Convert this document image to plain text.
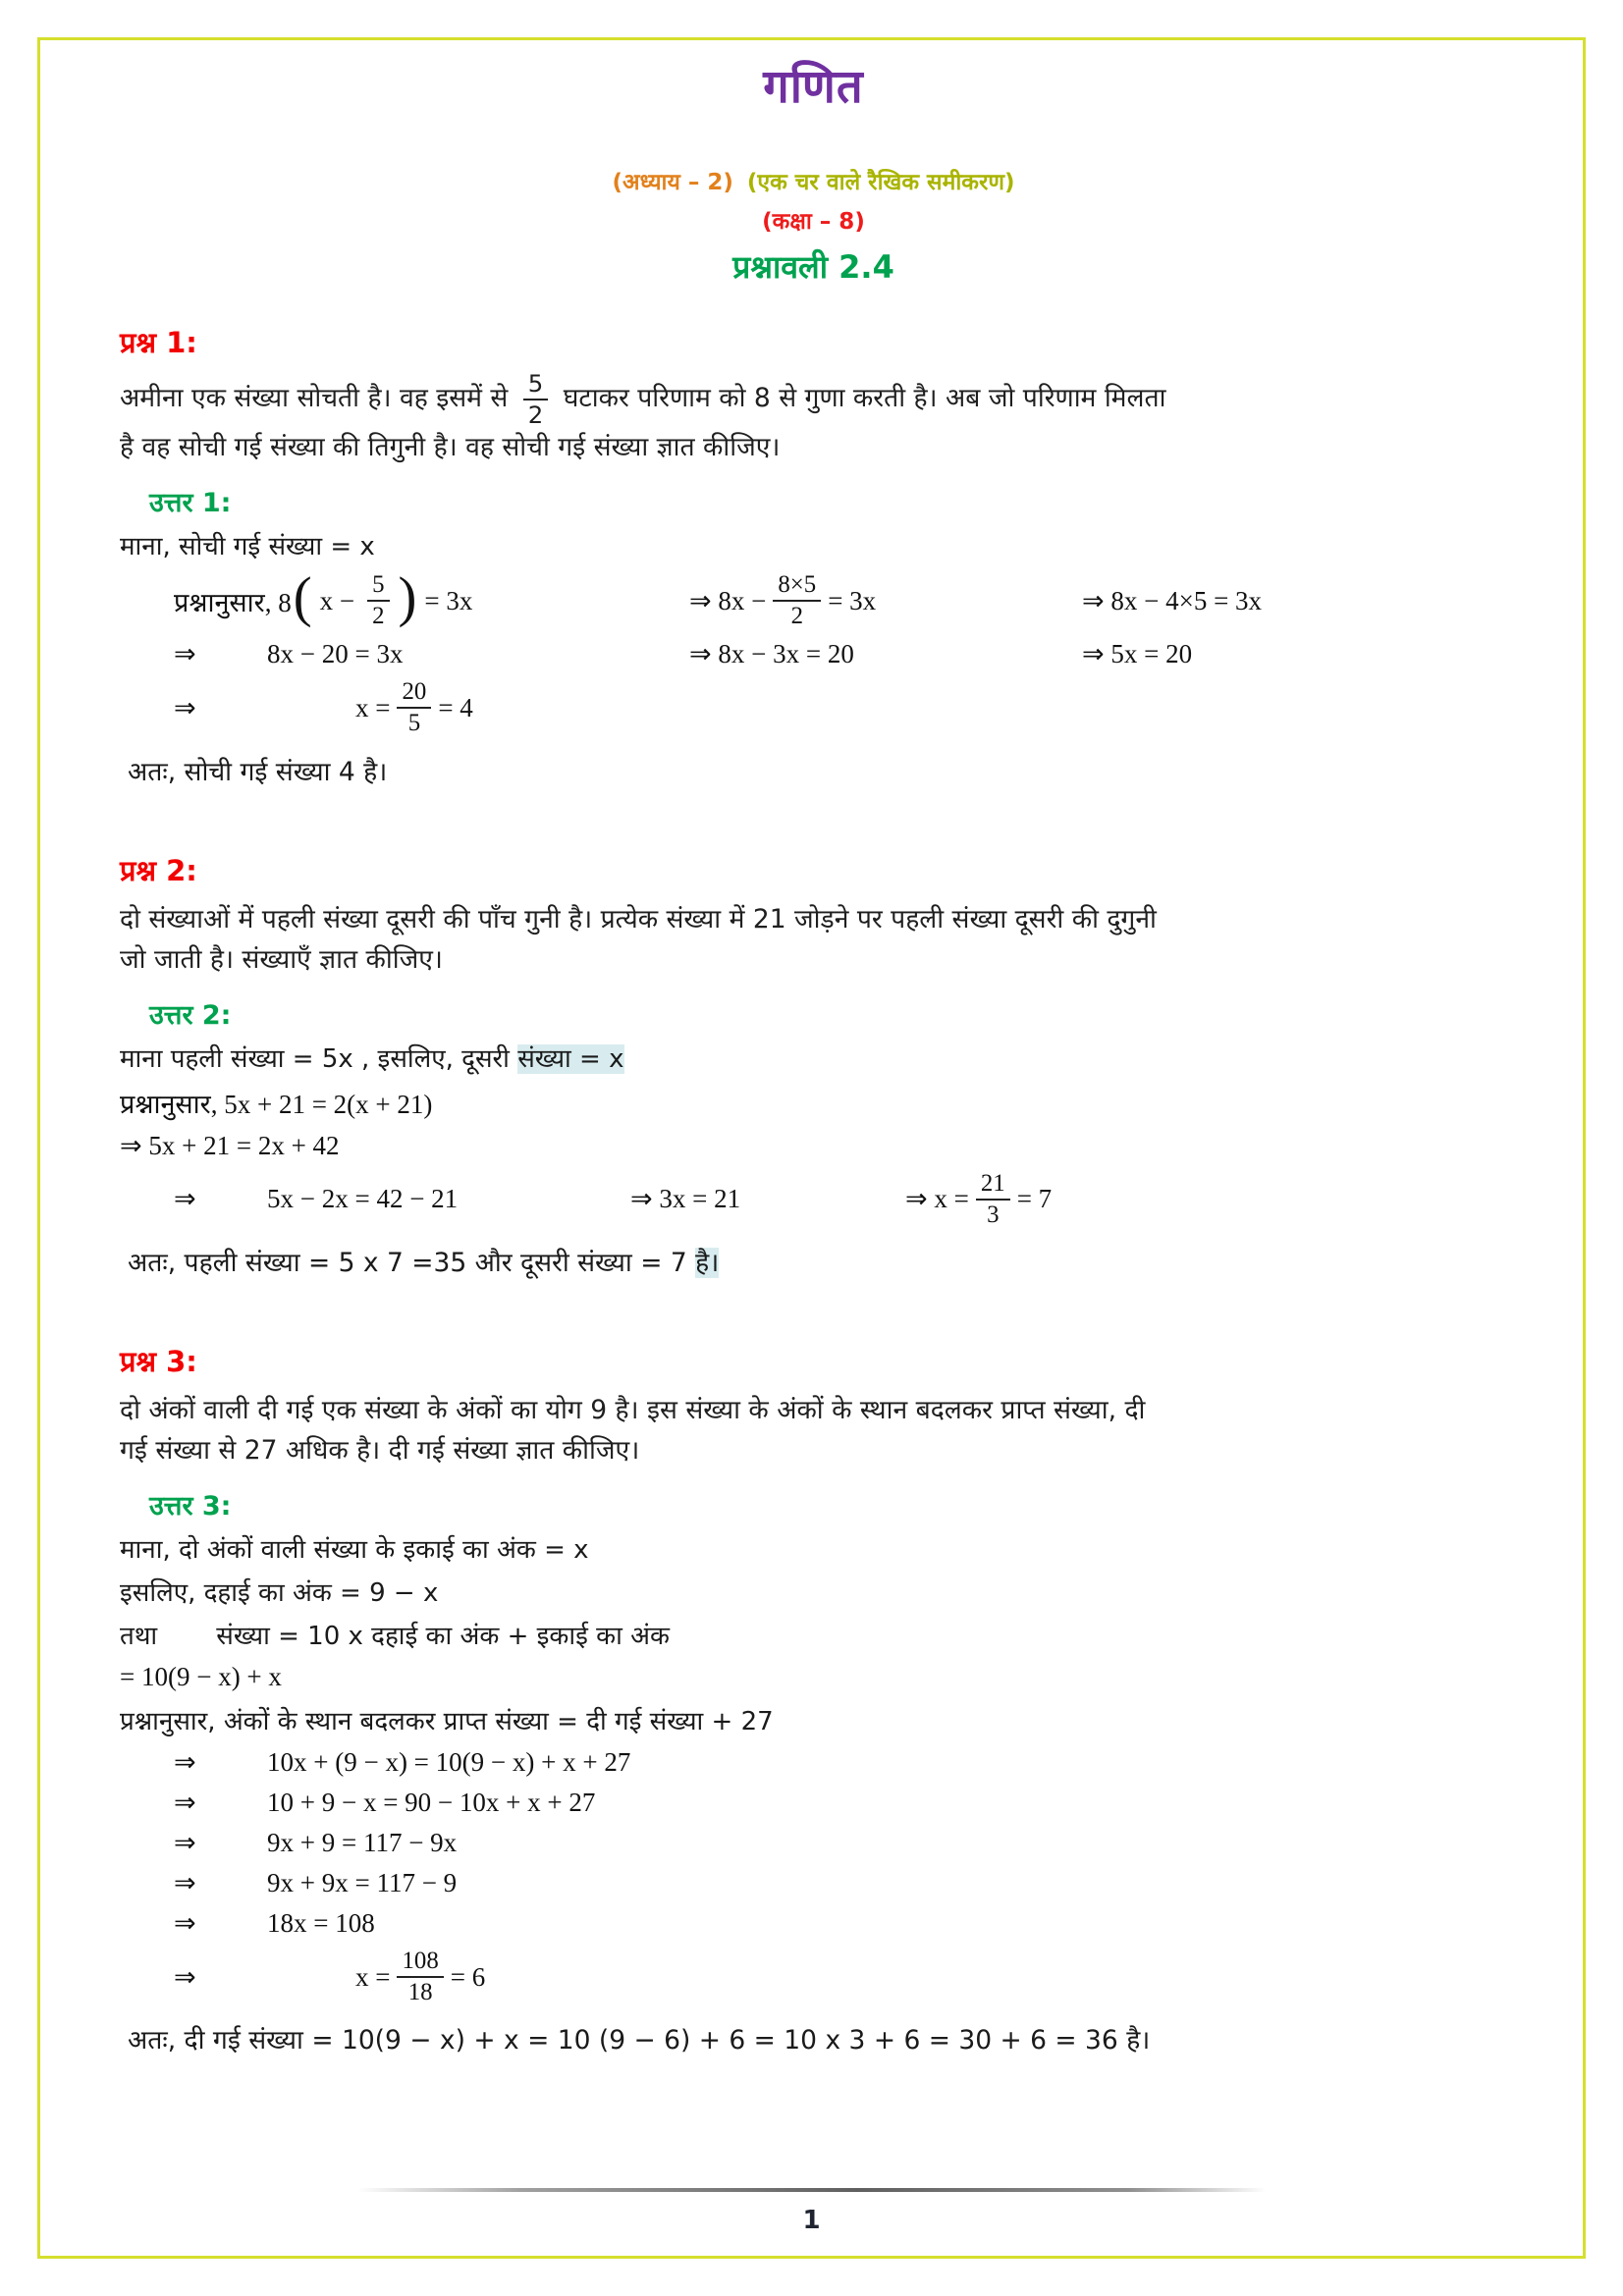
गणित
(अध्याय – 2) (एक चर वाले रैखिक समीकरण)
(कक्षा – 8)
प्रश्नावली 2.4
प्रश्न 1:

अमीना एक संख्या सोचती है। वह इसमें से $\frac{5}{2}$ घटाकर परिणाम को 8 से गुणा करती है। अब जो परिणाम मिलता
है वह सोची गई संख्या की तिगुनी है। वह सोची गई संख्या ज्ञात कीजिए।

उत्तर 1:

माना, सोची गई संख्या = x

प्रश्नानुसार, 8 ( $x - \frac{5}{2}$ ) = 3x	⇒ $8x - \frac{8\times 5}{2} = 3x$	⇒ 8x − 4×5 = 3x
⇒	8x − 20 = 3x	⇒ 8x − 3x = 20	⇒ 5x = 20
⇒	$x = \frac{20}{5} = 4$

अतः, सोची गई संख्या 4 है।

प्रश्न 2:

दो संख्याओं में पहली संख्या दूसरी की पाँच गुनी है। प्रत्येक संख्या में 21 जोड़ने पर पहली संख्या दूसरी की दुगुनी
जो जाती है। संख्याएँ ज्ञात कीजिए।

उत्तर 2:

माना पहली संख्या = 5x , इसलिए, दूसरी संख्या = x

प्रश्नानुसार, 5x + 21 = 2(x + 21)

⇒ 5x + 21 = 2x + 42

⇒	5x − 2x = 42 − 21	⇒ 3x = 21	⇒ $x = \frac{21}{3} = 7$

अतः, पहली संख्या = 5 x 7 =35 और दूसरी संख्या = 7 है।

प्रश्न 3:

दो अंकों वाली दी गई एक संख्या के अंकों का योग 9 है। इस संख्या के अंकों के स्थान बदलकर प्राप्त संख्या, दी
गई संख्या से 27 अधिक है। दी गई संख्या ज्ञात कीजिए।

उत्तर 3:

माना, दो अंकों वाली संख्या के इकाई का अंक = x

इसलिए, दहाई का अंक = 9 − x

तथा संख्या = 10 x दहाई का अंक + इकाई का अंक

= 10(9 − x) + x

प्रश्नानुसार, अंकों के स्थान बदलकर प्राप्त संख्या = दी गई संख्या + 27

⇒	10x + (9 − x) = 10(9 − x) + x + 27
⇒	10 + 9 − x = 90 − 10x + x + 27
⇒	9x + 9 = 117 − 9x
⇒	9x + 9x = 117 − 9
⇒	18x = 108
⇒	$x = \frac{108}{18} = 6$

अतः, दी गई संख्या = 10(9 − x) + x = 10 (9 − 6) + 6 = 10 x 3 + 6 = 30 + 6 = 36 है।

1
